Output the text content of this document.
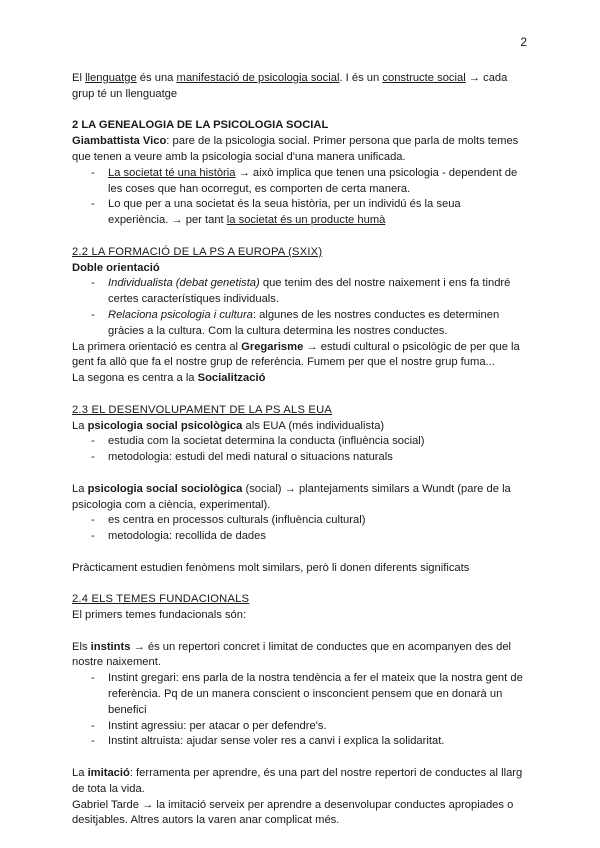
2

El llenguatge és una manifestació de psicologia social. I és un constructe social → cada grup té un llenguatge

2 LA GENEALOGIA DE LA PSICOLOGIA SOCIAL

Giambattista Vico: pare de la psicologia social. Primer persona que parla de molts temes que tenen a veure amb la psicologia social d'una manera unificada.

- La societat té una història → això implica que tenen una psicologia - dependent de les coses que han ocorregut, es comporten de certa manera.
- Lo que per a una societat és la seua història, per un individú és la seua experiència. → per tant la societat és un producte humà

2.2 LA FORMACIÓ DE LA PS A EUROPA (SXIX)

Doble orientació

- Individualista (debat genetista) que tenim des del nostre naixement i ens fa tindré certes característiques individuals.
- Relaciona psicologia i cultura: algunes de les nostres conductes es determinen gràcies a la cultura. Com la cultura determina les nostres conductes.

La primera orientació es centra al Gregarisme → estudi cultural o psicològic de per que la gent fa allò que fa el nostre grup de referència. Fumem per que el nostre grup fuma...

La segona es centra a la Socialització

2.3 EL DESENVOLUPAMENT DE LA PS ALS EUA

La psicologia social psicològica als EUA (més individualista)

- estudia com la societat determina la conducta (influència social)
- metodologia: estudi del medi natural o situacions naturals

La psicologia social sociològica (social) → plantejaments similars a Wundt (pare de la psicologia com a ciència, experimental).

- es centra en processos culturals (influència cultural)
- metodologia: recollida de dades

Pràcticament estudien fenòmens molt similars, però li donen diferents significats

2.4 ELS TEMES FUNDACIONALS

El primers temes fundacionals són:

Els instints → és un repertori concret i limitat de conductes que en acompanyen des del nostre naixement.

- Instint gregari: ens parla de la nostra tendència a fer el mateix que la nostra gent de referència. Pq de un manera conscient o insconcient pensem que en donarà un benefici
- Instint agressiu: per atacar o per defendre's.
- Instint altruista: ajudar sense voler res a canvi i explica la solidaritat.

La imitació: ferramenta per aprendre, és una part del nostre repertori de conductes al llarg de tota la vida.

Gabriel Tarde → la imitació serveix per aprendre a desenvolupar conductes apropiades o desitjables. Altres autors la varen anar complicat més.
